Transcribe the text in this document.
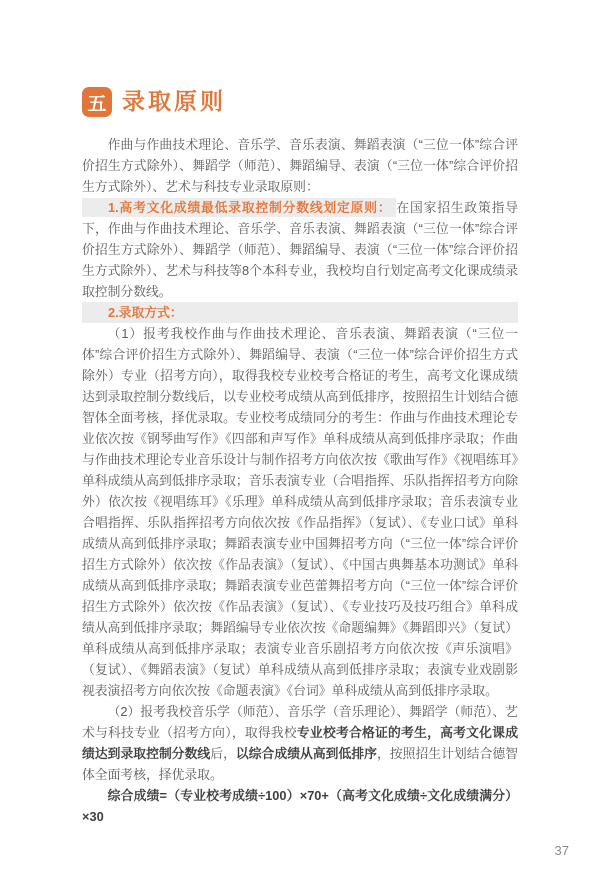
五 录取原则

作曲与作曲技术理论、音乐学、音乐表演、舞蹈表演（“三位一体”综合评价招生方式除外）、舞蹈学（师范）、舞蹈编导、表演（“三位一体”综合评价招生方式除外）、艺术与科技专业录取原则：

1.高考文化成绩最低录取控制分数线划定原则： 在国家招生政策指导下，作曲与作曲技术理论、音乐学、音乐表演、舞蹈表演（“三位一体”综合评价招生方式除外）、舞蹈学（师范）、舞蹈编导、表演（“三位一体”综合评价招生方式除外）、艺术与科技等8个本科专业，我校均自行划定高考文化课成绩录取控制分数线。

2.录取方式：

（1）报考我校作曲与作曲技术理论、音乐表演、舞蹈表演（“三位一体”综合评价招生方式除外）、舞蹈编导、表演（“三位一体”综合评价招生方式除外）专业（招考方向），取得我校专业校考合格证的考生，高考文化课成绩达到录取控制分数线后，以专业校考成绩从高到低排序，按照招生计划结合德智体全面考核，择优录取。专业校考成绩同分的考生：作曲与作曲技术理论专业依次按《钢琴曲写作》《四部和声写作》单科成绩从高到低排序录取；作曲与作曲技术理论专业音乐设计与制作招考方向依次按《歌曲写作》《视唱练耳》单科成绩从高到低排序录取；音乐表演专业（合唱指挥、乐队指挥招考方向除外）依次按《视唱练耳》《乐理》单科成绩从高到低排序录取；音乐表演专业合唱指挥、乐队指挥招考方向依次按《作品指挥》（复试）、《专业口试》单科成绩从高到低排序录取；舞蹈表演专业中国舞招考方向（“三位一体”综合评价招生方式除外）依次按《作品表演》（复试）、《中国古典舞基本功测试》单科成绩从高到低排序录取；舞蹈表演专业芭蕾舞招考方向（“三位一体”综合评价招生方式除外）依次按《作品表演》（复试）、《专业技巧及技巧组合》单科成绩从高到低排序录取；舞蹈编导专业依次按《命题编舞》《舞蹈即兴》（复试）单科成绩从高到低排序录取；表演专业音乐剧招考方向依次按《声乐演唱》（复试）、《舞蹈表演》（复试）单科成绩从高到低排序录取；表演专业戏剧影视表演招考方向依次按《命题表演》《台词》单科成绩从高到低排序录取。

（2）报考我校音乐学（师范）、音乐学（音乐理论）、舞蹈学（师范）、艺术与科技专业（招考方向），取得我校专业校考合格证的考生，高考文化课成绩达到录取控制分数线后，以综合成绩从高到低排序，按照招生计划结合德智体全面考核，择优录取。

综合成绩=（专业校考成绩÷100）×70+（高考文化成绩÷文化成绩满分）×30

37
